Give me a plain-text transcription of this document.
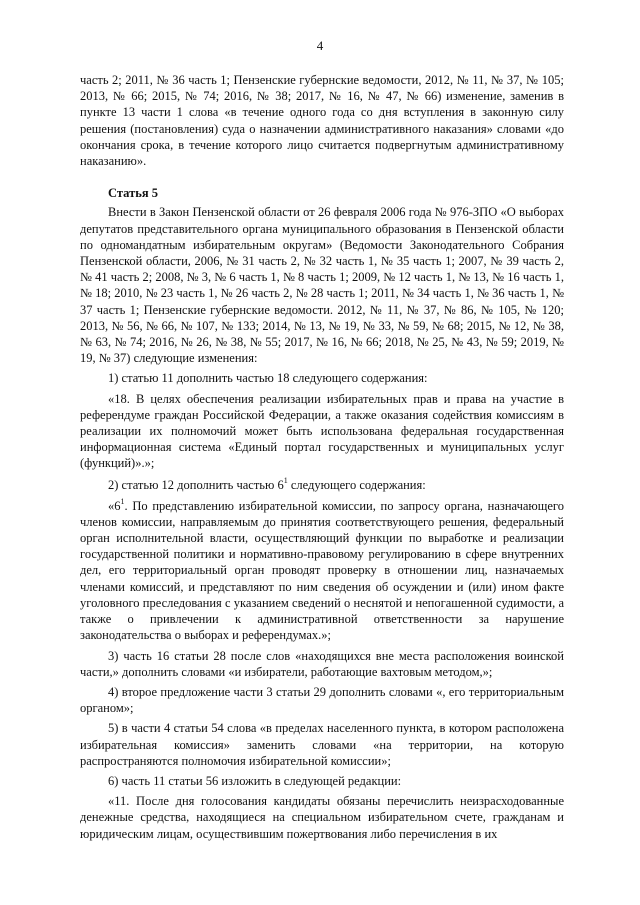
4

часть 2; 2011, № 36 часть 1; Пензенские губернские ведомости, 2012, № 11, № 37, № 105; 2013, № 66; 2015, № 74; 2016, № 38; 2017, № 16, № 47, № 66) изменение, заменив в пункте 13 части 1 слова «в течение одного года со дня вступления в законную силу решения (постановления) суда о назначении административного наказания» словами «до окончания срока, в течение которого лицо считается подвергнутым административному наказанию».

Статья 5

Внести в Закон Пензенской области от 26 февраля 2006 года № 976-ЗПО «О выборах депутатов представительного органа муниципального образования в Пензенской области по одномандатным избирательным округам» (Ведомости Законодательного Собрания Пензенской области, 2006, № 31 часть 2, № 32 часть 1, № 35 часть 1; 2007, № 39 часть 2, № 41 часть 2; 2008, № 3, № 6 часть 1, № 8 часть 1; 2009, № 12 часть 1, № 13, № 16 часть 1, № 18; 2010, № 23 часть 1, № 26 часть 2, № 28 часть 1; 2011, № 34 часть 1, № 36 часть 1, № 37 часть 1; Пензенские губернские ведомости. 2012, № 11, № 37, № 86, № 105, № 120; 2013, № 56, № 66, № 107, № 133; 2014, № 13, № 19, № 33, № 59, № 68; 2015, № 12, № 38, № 63, № 74; 2016, № 26, № 38, № 55; 2017, № 16, № 66; 2018, № 25, № 43, № 59; 2019, № 19, № 37) следующие изменения:

1) статью 11 дополнить частью 18 следующего содержания:

«18. В целях обеспечения реализации избирательных прав и права на участие в референдуме граждан Российской Федерации, а также оказания содействия комиссиям в реализации их полномочий может быть использована федеральная государственная информационная система «Единый портал государственных и муниципальных услуг (функций)».»;

2) статью 12 дополнить частью $6^1$ следующего содержания:

«$6^1$. По представлению избирательной комиссии, по запросу органа, назначающего членов комиссии, направляемым до принятия соответствующего решения, федеральный орган исполнительной власти, осуществляющий функции по выработке и реализации государственной политики и нормативно-правовому регулированию в сфере внутренних дел, его территориальный орган проводят проверку в отношении лиц, назначаемых членами комиссий, и представляют по ним сведения об осуждении и (или) ином факте уголовного преследования с указанием сведений о неснятой и непогашенной судимости, а также о привлечении к административной ответственности за нарушение законодательства о выборах и референдумах.»;

3) часть 16 статьи 28 после слов «находящихся вне места расположения воинской части,» дополнить словами «и избиратели, работающие вахтовым методом,»;

4) второе предложение части 3 статьи 29 дополнить словами «, его территориальным органом»;

5) в части 4 статьи 54 слова «в пределах населенного пункта, в котором расположена избирательная комиссия» заменить словами «на территории, на которую распространяются полномочия избирательной комиссии»;

6) часть 11 статьи 56 изложить в следующей редакции:

«11. После дня голосования кандидаты обязаны перечислить неизрасходованные денежные средства, находящиеся на специальном избирательном счете, гражданам и юридическим лицам, осуществившим пожертвования либо перечисления в их
